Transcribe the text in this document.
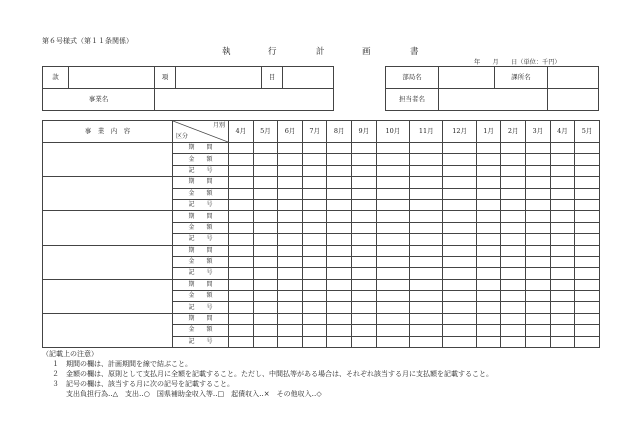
第６号様式（第１１条関係）
執	行	計	画	書
年　　月　　日（単位：千円）
款		項		目	
事業名					
部局名		課所名	
担当者名			
事　業　内　容	月別
区分	4月	5月	6月	7月	8月	9月	10月	11月	12月	1月	2月	3月	4月	5月
	期　　間														
	金　　額														
	記　　号														
	期　　間														
	金　　額														
	記　　号														
	期　　間														
	金　　額														
	記　　号														
	期　　間														
	金　　額														
	記　　号														
	期　　間														
	金　　額														
	記　　号														
	期　　間														
	金　　額														
	記　　号														
（記載上の注意）
１　期間の欄は、計画期間を線で結ぶこと。
２　金額の欄は、原則として支払月に全額を記載すること。ただし、中間払等がある場合は、それぞれ該当する月に支払額を記載すること。
３　記号の欄は、該当する月に次の記号を記載すること。
　　支出負担行為‥△　支出‥○　国県補助金収入等‥□　起債収入‥×　その他収入‥◇
